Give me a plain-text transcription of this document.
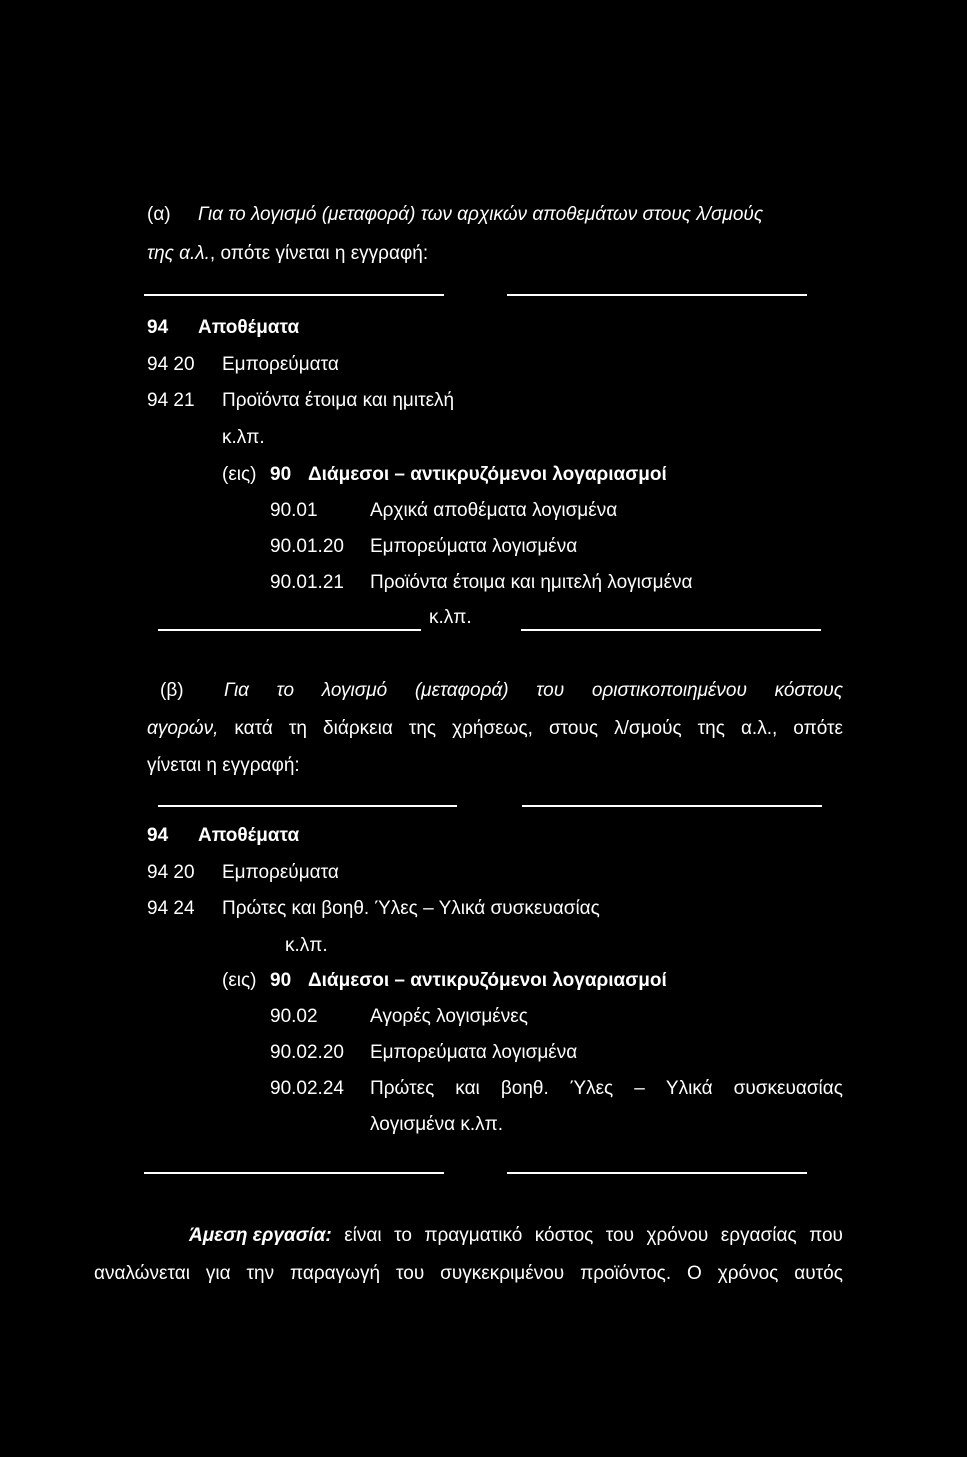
(α) Για το λογισμό (μεταφορά) των αρχικών αποθεμάτων στους λ/σμούς
της α.λ., οπότε γίνεται η εγγραφή:
94 Αποθέματα
94 20 Εμπορεύματα
94 21 Προϊόντα έτοιμα και ημιτελή
κ.λπ.
(εις) 90 Διάμεσοι – αντικρυζόμενοι λογαριασμοί
90.01	Αρχικά αποθέματα λογισμένα
90.01.20 Εμπορεύματα λογισμένα
90.01.21 Προϊόντα έτοιμα και ημιτελή λογισμένα
κ.λπ.
(β) Για το λογισμό (μεταφορά) του οριστικοποιημένου κόστους
αγορών, κατά τη διάρκεια της χρήσεως, στους λ/σμούς της α.λ., οπότε
γίνεται η εγγραφή:
94 Αποθέματα
94 20 Εμπορεύματα
94 24 Πρώτες και βοηθ. Ύλες – Υλικά συσκευασίας
κ.λπ.
(εις) 90 Διάμεσοι – αντικρυζόμενοι λογαριασμοί
90.02	Αγορές λογισμένες
90.02.20 Εμπορεύματα λογισμένα
90.02.24 Πρώτες και βοηθ. Ύλες – Υλικά συσκευασίας
λογισμένα κ.λπ.
Άμεση εργασία: είναι το πραγματικό κόστος του χρόνου εργασίας που
αναλώνεται για την παραγωγή του συγκεκριμένου προϊόντος. Ο χρόνος αυτός
